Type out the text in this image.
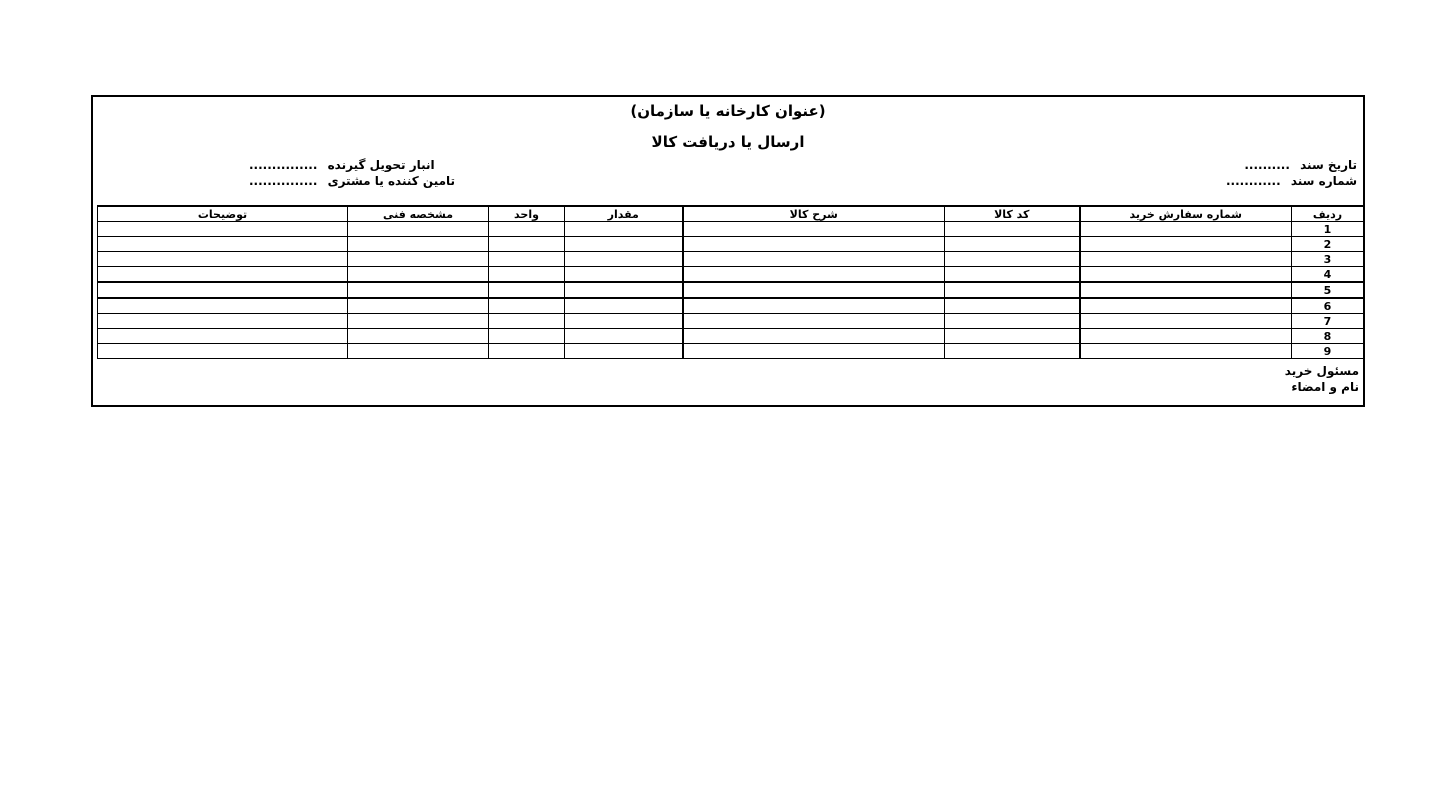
(عنوان کارخانه یا سازمان)
ارسال یا دریافت کالا
تاریخ سند ..........
شماره سند ............
انبار تحویل گیرنده ...............
تامین کننده یا مشتری ...............
ردیف	شماره سفارش خرید	کد کالا	شرح کالا	مقدار	واحد	مشخصه فنی	توضیحات
1							
2							
3							
4							
5							
6							
7							
8							
9							
مسئول خرید
نام و امضاء
